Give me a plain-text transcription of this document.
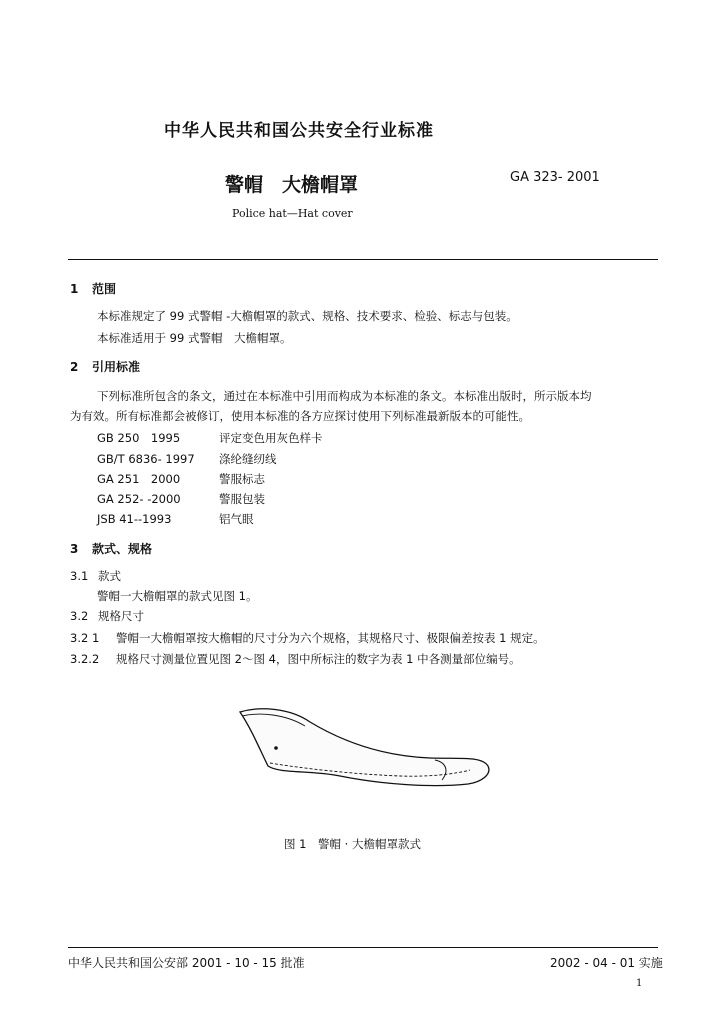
中华人民共和国公共安全行业标准
警帽　大檐帽罩	GA 323- 2001
Police hat—Hat cover
1 范围
本标准规定了 99 式警帽 -大檐帽罩的款式、规格、技术要求、检验、标志与包装。
本标准适用于 99 式警帽　大檐帽罩。
2 引用标准
下列标准所包含的条文，通过在本标准中引用而构成为本标准的条文。本标准出版时，所示版本均
为有效。所有标准都会被修订，使用本标准的各方应探讨使用下列标准最新版本的可能性。
GB 250　1995	评定变色用灰色样卡
GB/T 6836- 1997 涤纶缝纫线
GA 251　2000	警服标志
GA 252- -2000	警服包装
JSB 41--1993	铝气眼
3 款式、规格
3.1 款式
警帽一大檐帽罩的款式见图 1。
3.2 规格尺寸
3.2 1 警帽一大檐帽罩按大檐帽的尺寸分为六个规格，其规格尺寸、极限偏差按表 1 规定。
3.2.2 规格尺寸测量位置见图 2～图 4，图中所标注的数字为表 1 中各测量部位编号。
图 1　警帽 · 大檐帽罩款式
中华人民共和国公安部 2001 - 10 - 15 批准	2002 - 04 - 01 实施
1
